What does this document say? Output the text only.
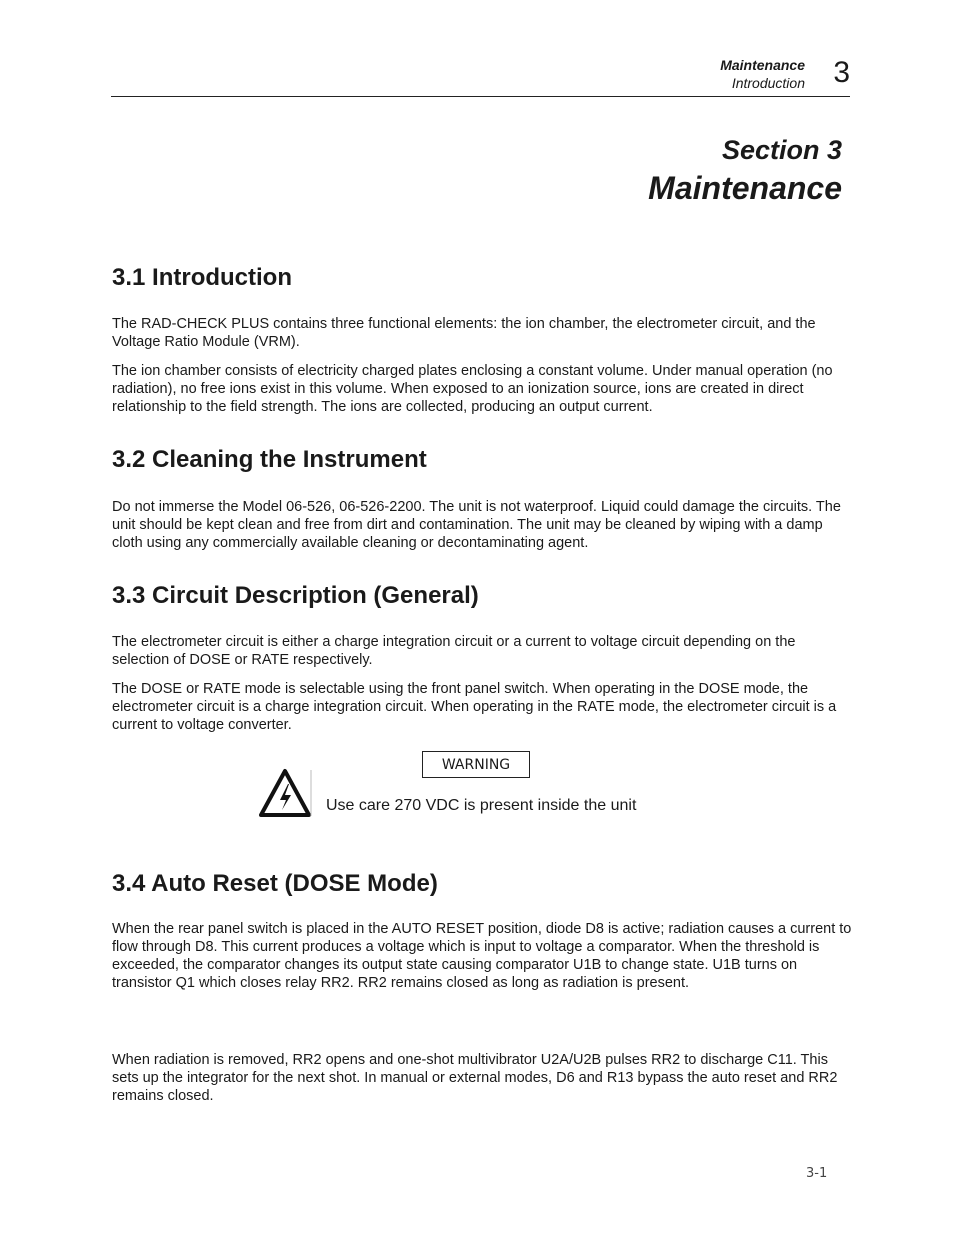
Maintenance
Introduction 3
Section 3
Maintenance
3.1 Introduction

The RAD-CHECK PLUS contains three functional elements: the ion chamber, the electrometer circuit, and the Voltage Ratio Module (VRM).

The ion chamber consists of electricity charged plates enclosing a constant volume. Under manual operation (no radiation), no free ions exist in this volume. When exposed to an ionization source, ions are created in direct relationship to the field strength. The ions are collected, producing an output current.

3.2 Cleaning the Instrument

Do not immerse the Model 06-526, 06-526-2200. The unit is not waterproof. Liquid could damage the circuits. The unit should be kept clean and free from dirt and contamination. The unit may be cleaned by wiping with a damp cloth using any commercially available cleaning or decontaminating agent.

3.3 Circuit Description (General)

The electrometer circuit is either a charge integration circuit or a current to voltage circuit depending on the selection of DOSE or RATE respectively.

The DOSE or RATE mode is selectable using the front panel switch. When operating in the DOSE mode, the electrometer circuit is a charge integration circuit. When operating in the RATE mode, the electrometer circuit is a current to voltage converter.

WARNING
Use care 270 VDC is present inside the unit
3.4 Auto Reset (DOSE Mode)

When the rear panel switch is placed in the AUTO RESET position, diode D8 is active; radiation causes a current to flow through D8. This current produces a voltage which is input to voltage a comparator. When the threshold is exceeded, the comparator changes its output state causing comparator U1B to change state. U1B turns on transistor Q1 which closes relay RR2. RR2 remains closed as long as radiation is present.

When radiation is removed, RR2 opens and one-shot multivibrator U2A/U2B pulses RR2 to discharge C11. This sets up the integrator for the next shot. In manual or external modes, D6 and R13 bypass the auto reset and RR2 remains closed.

3-1
